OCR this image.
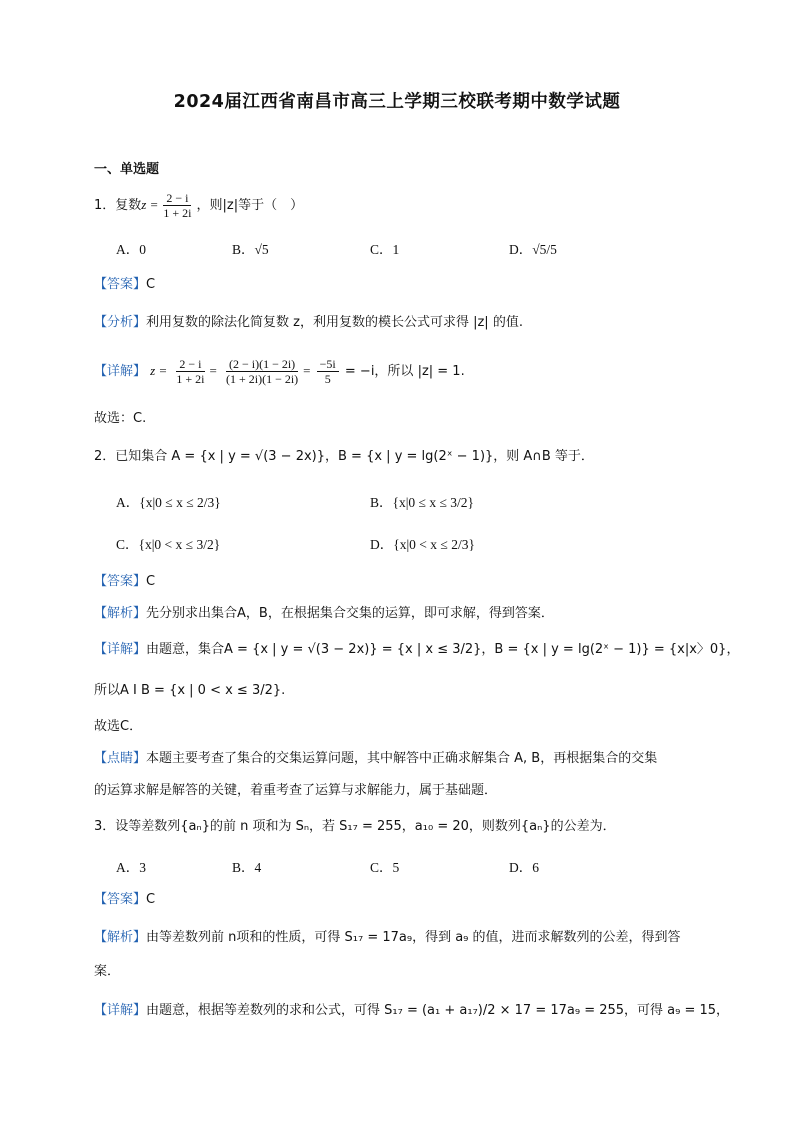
2024届江西省南昌市高三上学期三校联考期中数学试题
一、单选题
1．复数$z = \frac{2 - i}{1 + 2i}$ ，则|z|等于（　）
A．0	B．√5	C．1	D．√5/5
【答案】C
【分析】利用复数的除法化简复数 z，利用复数的模长公式可求得 |z| 的值.
【详解】 $z = \frac{2 - i}{1 + 2i} = \frac{(2 - i)(1 - 2i)}{(1 + 2i)(1 - 2i)} = \frac{-5i}{5} = -i$，所以 |z| = 1.
故选：C.
2．已知集合 A = {x | y = √(3 − 2x)}，B = {x | y = lg(2ˣ − 1)}，则 A∩B 等于．
A．{x|0 ≤ x ≤ 2/3}	B．{x|0 ≤ x ≤ 3/2}
C．{x|0 < x ≤ 3/2}	D．{x|0 < x ≤ 2/3}
【答案】C
【解析】先分别求出集合A，B，在根据集合交集的运算，即可求解，得到答案．
【详解】由题意，集合A = {x | y = √(3 − 2x)} = {x | x ≤ 3/2}，B = {x | y = lg(2ˣ − 1)} = {x|x〉0}，
所以A I B = {x | 0 < x ≤ 3/2}.
故选C．
【点睛】本题主要考查了集合的交集运算问题，其中解答中正确求解集合 A, B，再根据集合的交集
的运算求解是解答的关键，着重考查了运算与求解能力，属于基础题．
3．设等差数列{aₙ}的前 n 项和为 Sₙ，若 S₁₇ = 255，a₁₀ = 20，则数列{aₙ}的公差为．
A．3	B．4	C．5	D．6
【答案】C
【解析】由等差数列前 n项和的性质，可得 S₁₇ = 17a₉，得到 a₉ 的值，进而求解数列的公差，得到答
案．
【详解】由题意，根据等差数列的求和公式，可得 S₁₇ = (a₁ + a₁₇)/2 × 17 = 17a₉ = 255，可得 a₉ = 15，
